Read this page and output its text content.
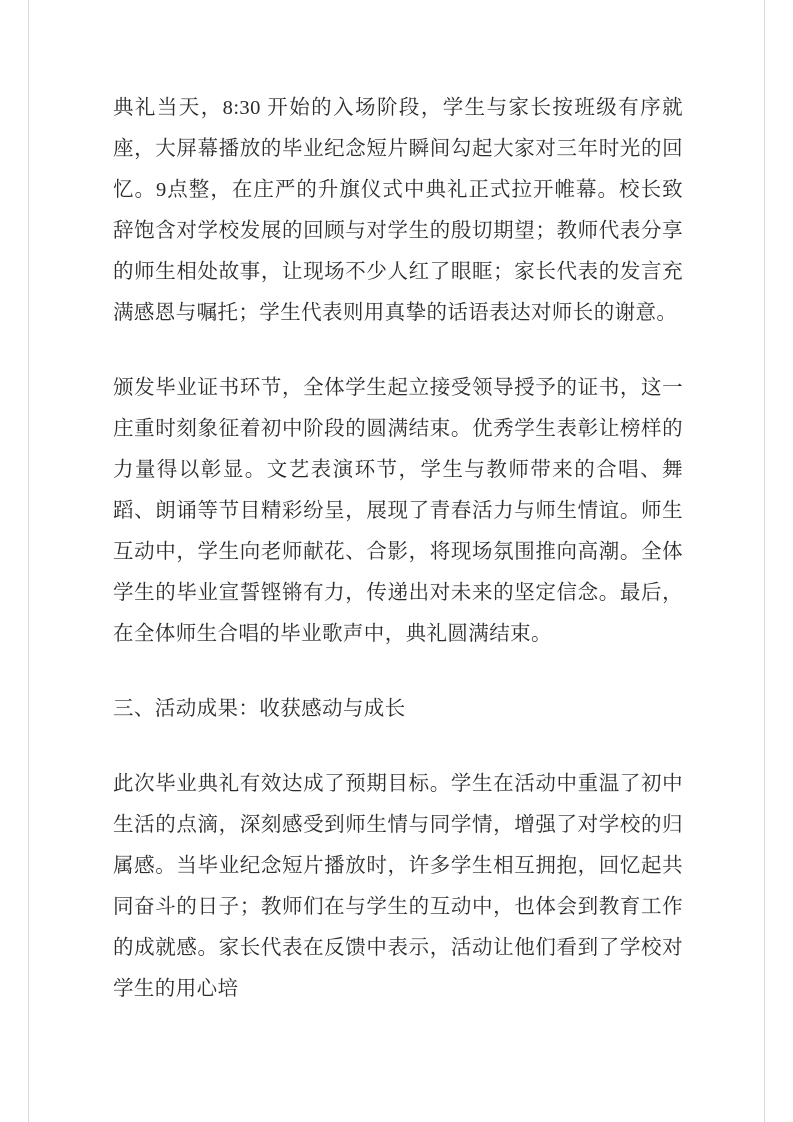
典礼当天，8:30 开始的入场阶段，学生与家长按班级有序就座，大屏幕播放的毕业纪念短片瞬间勾起大家对三年时光的回忆。9点整，在庄严的升旗仪式中典礼正式拉开帷幕。校长致辞饱含对学校发展的回顾与对学生的殷切期望；教师代表分享的师生相处故事，让现场不少人红了眼眶；家长代表的发言充满感恩与嘱托；学生代表则用真挚的话语表达对师长的谢意。

颁发毕业证书环节，全体学生起立接受领导授予的证书，这一庄重时刻象征着初中阶段的圆满结束。优秀学生表彰让榜样的力量得以彰显。文艺表演环节，学生与教师带来的合唱、舞蹈、朗诵等节目精彩纷呈，展现了青春活力与师生情谊。师生互动中，学生向老师献花、合影，将现场氛围推向高潮。全体学生的毕业宣誓铿锵有力，传递出对未来的坚定信念。最后，在全体师生合唱的毕业歌声中，典礼圆满结束。

三、活动成果：收获感动与成长

此次毕业典礼有效达成了预期目标。学生在活动中重温了初中生活的点滴，深刻感受到师生情与同学情，增强了对学校的归属感。当毕业纪念短片播放时，许多学生相互拥抱，回忆起共同奋斗的日子；教师们在与学生的互动中，也体会到教育工作的成就感。家长代表在反馈中表示，活动让他们看到了学校对学生的用心培
